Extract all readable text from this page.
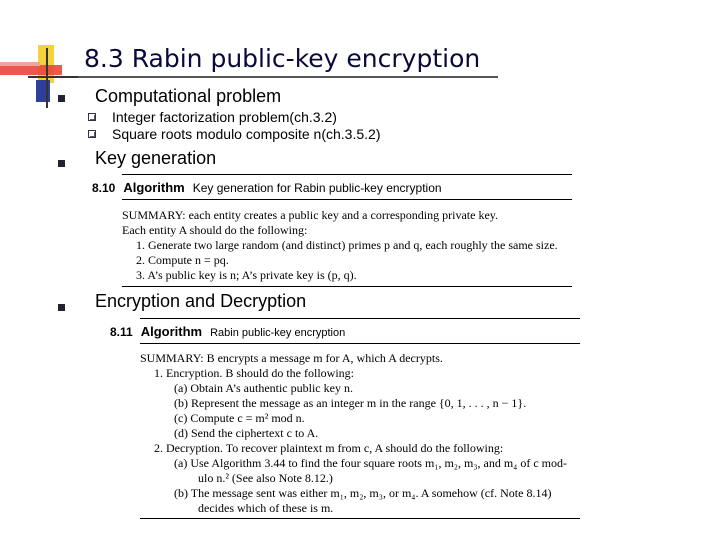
8.3 Rabin public-key encryption
Computational problem
Integer factorization problem(ch.3.2)
Square roots modulo composite n(ch.3.5.2)
Key generation
8.10 Algorithm Key generation for Rabin public-key encryption
SUMMARY: each entity creates a public key and a corresponding private key.
Each entity A should do the following:
1. Generate two large random (and distinct) primes p and q, each roughly the same size.
2. Compute n = pq.
3. A’s public key is n; A’s private key is (p, q).
Encryption and Decryption
8.11 Algorithm Rabin public-key encryption
SUMMARY: B encrypts a message m for A, which A decrypts.
1. Encryption. B should do the following:
(a) Obtain A’s authentic public key n.
(b) Represent the message as an integer m in the range {0, 1, . . . , n − 1}.
(c) Compute c = m² mod n.
(d) Send the ciphertext c to A.
2. Decryption. To recover plaintext m from c, A should do the following:
(a) Use Algorithm 3.44 to find the four square roots m₁, m₂, m₃, and m₄ of c mod-
ulo n.² (See also Note 8.12.)
(b) The message sent was either m₁, m₂, m₃, or m₄. A somehow (cf. Note 8.14)
decides which of these is m.
